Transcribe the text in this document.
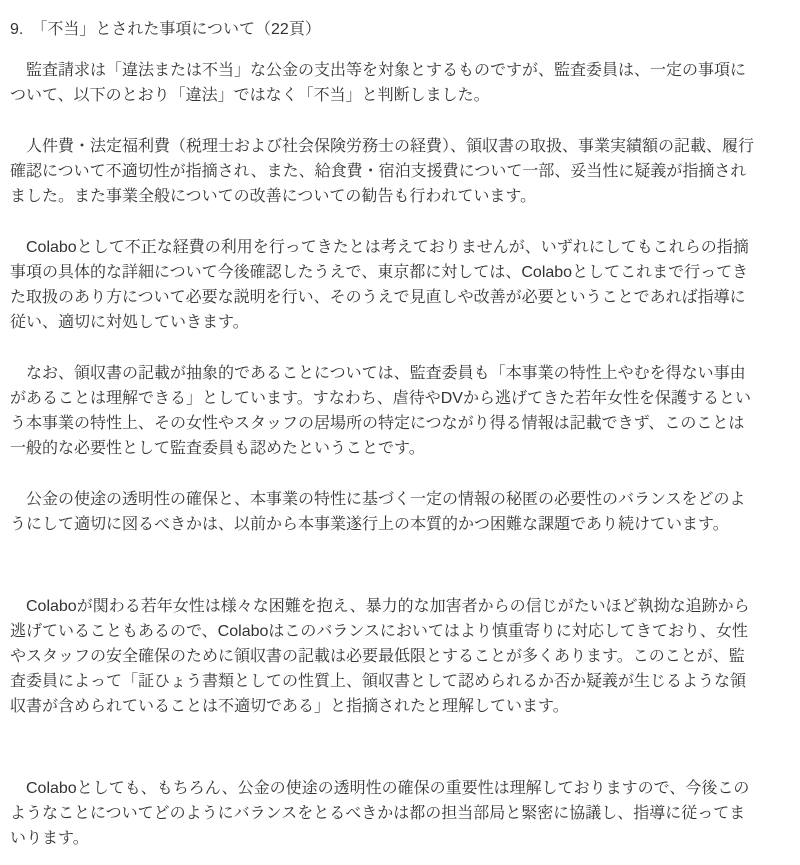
9.　「不当」とされた事項について（22頁）

　監査請求は「違法または不当」な公金の支出等を対象とするものですが、監査委員は、一定の事項について、以下のとおり「違法」ではなく「不当」と判断しました。

　人件費・法定福利費（税理士および社会保険労務士の経費）、領収書の取扱、事業実績額の記載、履行確認について不適切性が指摘され、また、給食費・宿泊支援費について一部、妥当性に疑義が指摘されました。また事業全般についての改善についての勧告も行われています。

　Colaboとして不正な経費の利用を行ってきたとは考えておりませんが、いずれにしてもこれらの指摘事項の具体的な詳細について今後確認したうえで、東京都に対しては、Colaboとしてこれまで行ってきた取扱のあり方について必要な説明を行い、そのうえで見直しや改善が必要ということであれば指導に従い、適切に対処していきます。

　なお、領収書の記載が抽象的であることについては、監査委員も「本事業の特性上やむを得ない事由があることは理解できる」としています。すなわち、虐待やDVから逃げてきた若年女性を保護するという本事業の特性上、その女性やスタッフの居場所の特定につながり得る情報は記載できず、このことは一般的な必要性として監査委員も認めたということです。

　公金の使途の透明性の確保と、本事業の特性に基づく一定の情報の秘匿の必要性のバランスをどのようにして適切に図るべきかは、以前から本事業遂行上の本質的かつ困難な課題であり続けています。

　Colaboが関わる若年女性は様々な困難を抱え、暴力的な加害者からの信じがたいほど執拗な追跡から逃げていることもあるので、Colaboはこのバランスにおいてはより慎重寄りに対応してきており、女性やスタッフの安全確保のために領収書の記載は必要最低限とすることが多くあります。このことが、監査委員によって「証ひょう書類としての性質上、領収書として認められるか否か疑義が生じるような領収書が含められていることは不適切である」と指摘されたと理解しています。

　Colaboとしても、もちろん、公金の使途の透明性の確保の重要性は理解しておりますので、今後このようなことについてどのようにバランスをとるべきかは都の担当部局と緊密に協議し、指導に従ってまいります。
